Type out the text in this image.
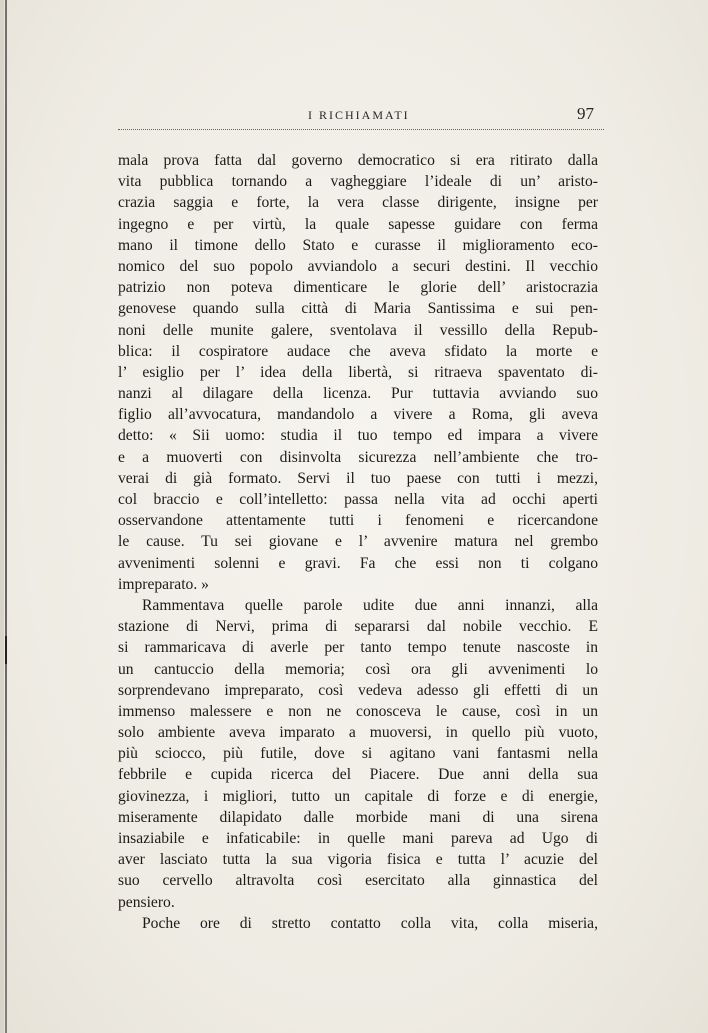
I RICHIAMATI	97
mala prova fatta dal governo democratico si era ritirato dalla
vita pubblica tornando a vagheggiare l’ideale di un’ aristo-
crazia saggia e forte, la vera classe dirigente, insigne per
ingegno e per virtù, la quale sapesse guidare con ferma
mano il timone dello Stato e curasse il miglioramento eco-
nomico del suo popolo avviandolo a securi destini. Il vecchio
patrizio non poteva dimenticare le glorie dell’ aristocrazia
genovese quando sulla città di Maria Santissima e sui pen-
noni delle munite galere, sventolava il vessillo della Repub-
blica: il cospiratore audace che aveva sfidato la morte e
l’ esiglio per l’ idea della libertà, si ritraeva spaventato di-
nanzi al dilagare della licenza. Pur tuttavia avviando suo
figlio all’avvocatura, mandandolo a vivere a Roma, gli aveva
detto: « Sii uomo: studia il tuo tempo ed impara a vivere
e a muoverti con disinvolta sicurezza nell’ambiente che tro-
verai di già formato. Servi il tuo paese con tutti i mezzi,
col braccio e coll’intelletto: passa nella vita ad occhi aperti
osservandone attentamente tutti i fenomeni e ricercandone
le cause. Tu sei giovane e l’ avvenire matura nel grembo
avvenimenti solenni e gravi. Fa che essi non ti colgano
impreparato. »
Rammentava quelle parole udite due anni innanzi, alla
stazione di Nervi, prima di separarsi dal nobile vecchio. E
si rammaricava di averle per tanto tempo tenute nascoste in
un cantuccio della memoria; così ora gli avvenimenti lo
sorprendevano impreparato, così vedeva adesso gli effetti di un
immenso malessere e non ne conosceva le cause, così in un
solo ambiente aveva imparato a muoversi, in quello più vuoto,
più sciocco, più futile, dove si agitano vani fantasmi nella
febbrile e cupida ricerca del Piacere. Due anni della sua
giovinezza, i migliori, tutto un capitale di forze e di energie,
miseramente dilapidato dalle morbide mani di una sirena
insaziabile e infaticabile: in quelle mani pareva ad Ugo di
aver lasciato tutta la sua vigoria fisica e tutta l’ acuzie del
suo cervello altravolta così esercitato alla ginnastica del
pensiero.
Poche ore di stretto contatto colla vita, colla miseria,
